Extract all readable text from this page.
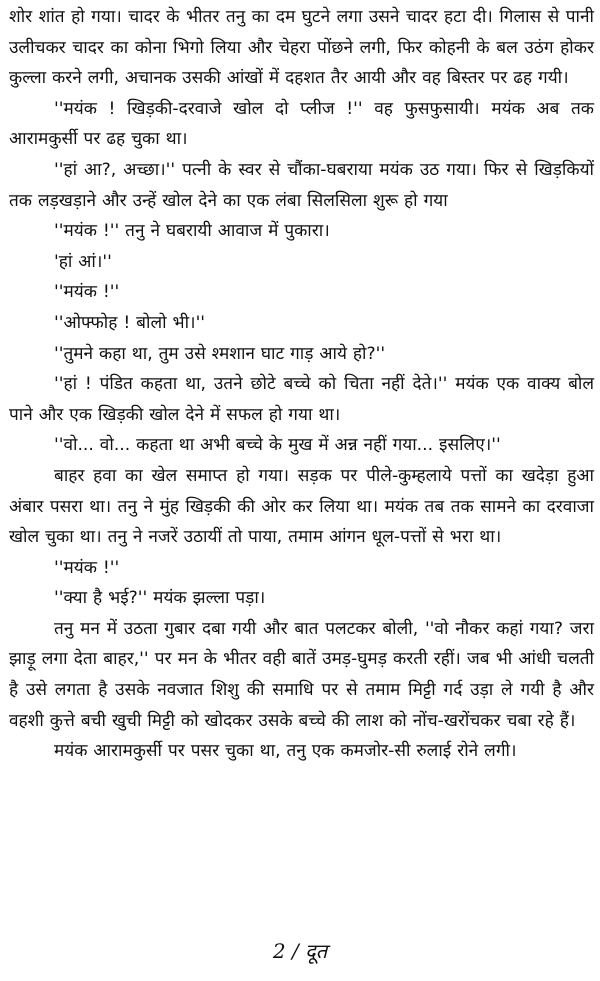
शोर शांत हो गया। चादर के भीतर तनु का दम घुटने लगा उसने चादर हटा दी। गिलास से पानी उलीचकर चादर का कोना भिगो लिया और चेहरा पोंछने लगी, फिर कोहनी के बल उठंग होकर कुल्ला करने लगी, अचानक उसकी आंखों में दहशत तैर आयी और वह बिस्तर पर ढह गयी।

''मयंक ! खिड़की-दरवाजे खोल दो प्लीज !'' वह फुसफुसायी। मयंक अब तक आरामकुर्सी पर ढह चुका था।

''हां आ?, अच्छा।'' पत्नी के स्वर से चौंका-घबराया मयंक उठ गया। फिर से खिड़कियों तक लड़खड़ाने और उन्हें खोल देने का एक लंबा सिलसिला शुरू हो गया

''मयंक !'' तनु ने घबरायी आवाज में पुकारा।

'हां आं।''

''मयंक !''

''ओफ्फोह ! बोलो भी।''

''तुमने कहा था, तुम उसे श्मशान घाट गाड़ आये हो?''

''हां ! पंडित कहता था, उतने छोटे बच्चे को चिता नहीं देते।'' मयंक एक वाक्य बोल पाने और एक खिड़की खोल देने में सफल हो गया था।

''वो... वो... कहता था अभी बच्चे के मुख में अन्न नहीं गया... इसलिए।''

बाहर हवा का खेल समाप्त हो गया। सड़क पर पीले-कुम्हलाये पत्तों का खदेड़ा हुआ अंबार पसरा था। तनु ने मुंह खिड़की की ओर कर लिया था। मयंक तब तक सामने का दरवाजा खोल चुका था। तनु ने नजरें उठायीं तो पाया, तमाम आंगन धूल-पत्तों से भरा था।

''मयंक !''

''क्या है भई?'' मयंक झल्ला पड़ा।

तनु मन में उठता गुबार दबा गयी और बात पलटकर बोली, ''वो नौकर कहां गया? जरा झाड़ू लगा देता बाहर,'' पर मन के भीतर वही बातें उमड़-घुमड़ करती रहीं। जब भी आंधी चलती है उसे लगता है उसके नवजात शिशु की समाधि पर से तमाम मिट्टी गर्द उड़ा ले गयी है और वहशी कुत्ते बची खुची मिट्टी को खोदकर उसके बच्चे की लाश को नोंच-खरोंचकर चबा रहे हैं।

मयंक आरामकुर्सी पर पसर चुका था, तनु एक कमजोर-सी रुलाई रोने लगी।

2 / दूत
